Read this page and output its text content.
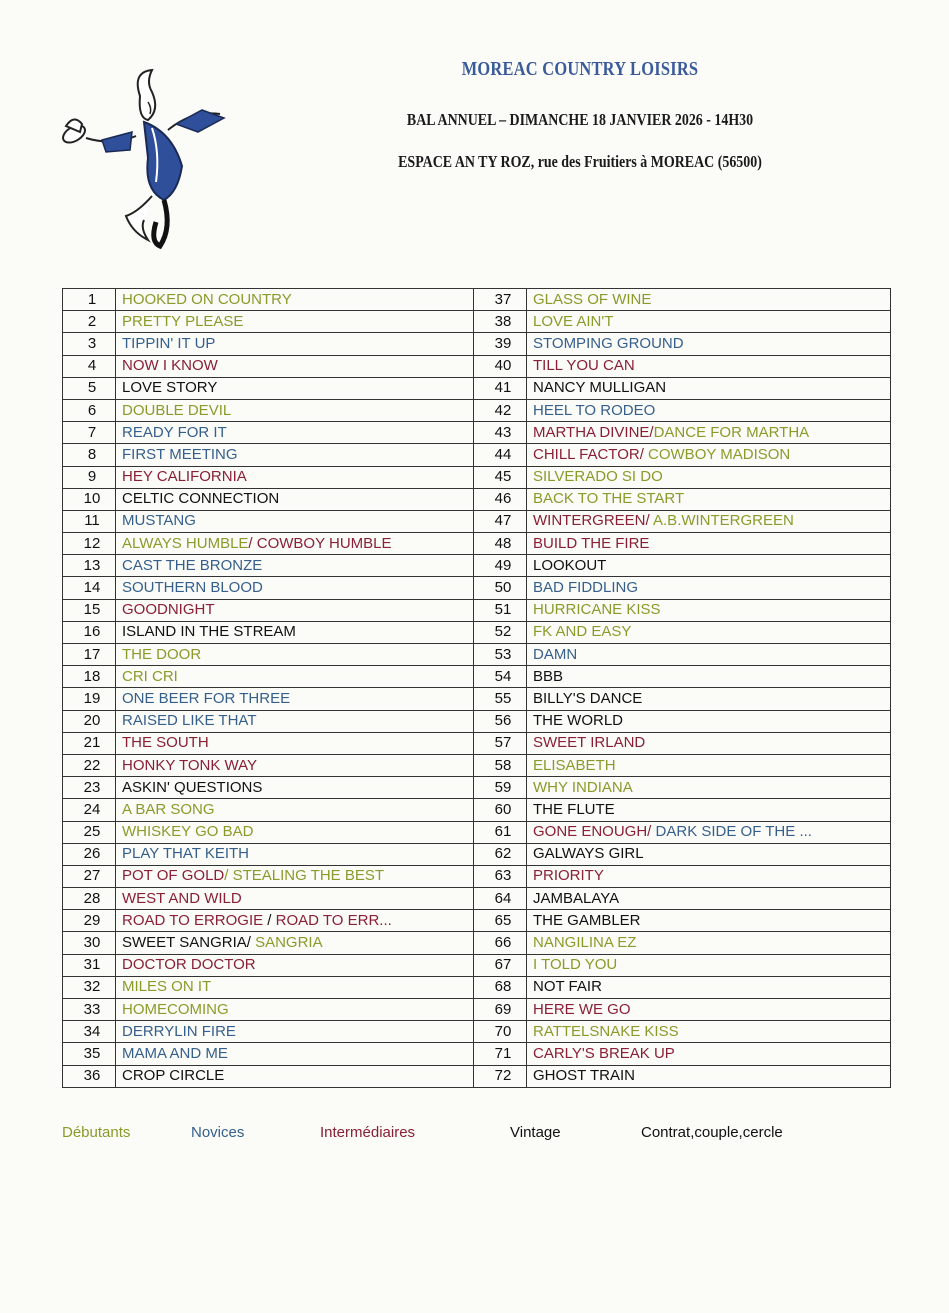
MOREAC COUNTRY LOISIRS

BAL ANNUEL – DIMANCHE 18 JANVIER 2026 - 14H30

ESPACE AN TY ROZ, rue des Fruitiers à MOREAC (56500)

1	HOOKED ON COUNTRY	37	GLASS OF WINE
2	PRETTY PLEASE	38	LOVE AIN'T
3	TIPPIN' IT UP	39	STOMPING GROUND
4	NOW I KNOW	40	TILL YOU CAN
5	LOVE STORY	41	NANCY MULLIGAN
6	DOUBLE DEVIL	42	HEEL TO RODEO
7	READY FOR IT	43	MARTHA DIVINE/DANCE FOR MARTHA
8	FIRST MEETING	44	CHILL FACTOR/ COWBOY MADISON
9	HEY CALIFORNIA	45	SILVERADO SI DO
10	CELTIC CONNECTION	46	BACK TO THE START
11	MUSTANG	47	WINTERGREEN/ A.B.WINTERGREEN
12	ALWAYS HUMBLE/ COWBOY HUMBLE	48	BUILD THE FIRE
13	CAST THE BRONZE	49	LOOKOUT
14	SOUTHERN BLOOD	50	BAD FIDDLING
15	GOODNIGHT	51	HURRICANE KISS
16	ISLAND IN THE STREAM	52	FK AND EASY
17	THE DOOR	53	DAMN
18	CRI CRI	54	BBB
19	ONE BEER FOR THREE	55	BILLY'S DANCE
20	RAISED LIKE THAT	56	THE WORLD
21	THE SOUTH	57	SWEET IRLAND
22	HONKY TONK WAY	58	ELISABETH
23	ASKIN' QUESTIONS	59	WHY INDIANA
24	A BAR SONG	60	THE FLUTE
25	WHISKEY GO BAD	61	GONE ENOUGH/ DARK SIDE OF THE ...
26	PLAY THAT KEITH	62	GALWAYS GIRL
27	POT OF GOLD/ STEALING THE BEST	63	PRIORITY
28	WEST AND WILD	64	JAMBALAYA
29	ROAD TO ERROGIE / ROAD TO ERR...	65	THE GAMBLER
30	SWEET SANGRIA/ SANGRIA	66	NANGILINA EZ
31	DOCTOR DOCTOR	67	I TOLD YOU
32	MILES ON IT	68	NOT FAIR
33	HOMECOMING	69	HERE WE GO
34	DERRYLIN FIRE	70	RATTELSNAKE KISS
35	MAMA AND ME	71	CARLY'S BREAK UP
36	CROP CIRCLE	72	GHOST TRAIN
Débutants	Novices	Intermédiaires	Vintage	Contrat,couple,cercle
